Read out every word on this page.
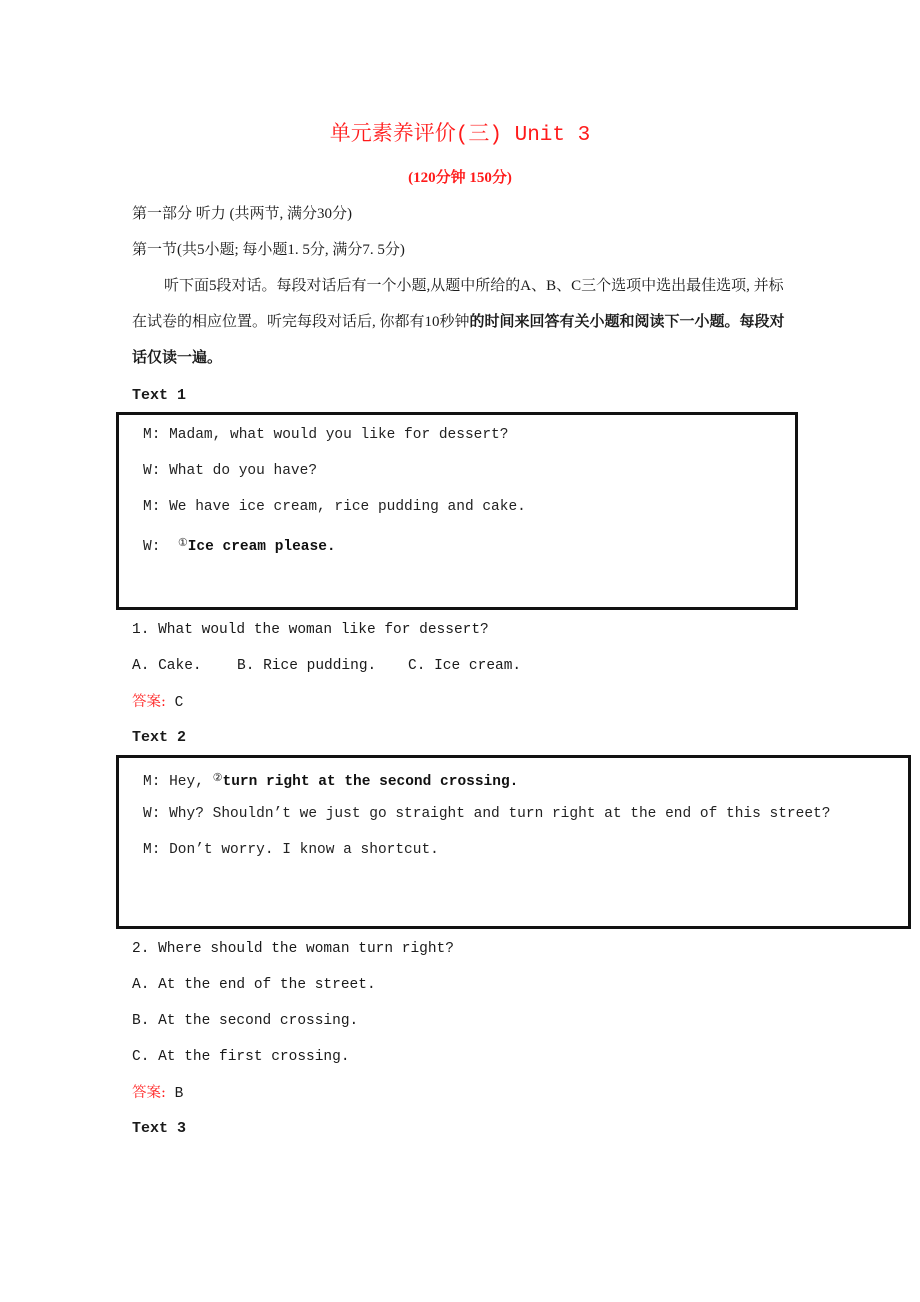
单元素养评价(三) Unit 3
(120分钟 150分)
第一部分 听力 (共两节, 满分30分)
第一节(共5小题; 每小题1. 5分, 满分7. 5分)
听下面5段对话。每段对话后有一个小题,从题中所给的A、B、C三个选项中选出最佳选项, 并标在试卷的相应位置。听完每段对话后, 你都有10秒钟的时间来回答有关小题和阅读下一小题。每段对话仅读一遍。
Text 1
M: Madam, what would you like for dessert?
W: What do you have?
M: We have ice cream, rice pudding and cake.
W: ①Ice cream please.
1. What would the woman like for dessert?
A. Cake. B. Rice pudding. C. Ice cream.
答案: C
Text 2
M: Hey, ②turn right at the second crossing.
W: Why? Shouldn’t we just go straight and turn right at the end of this street?
M: Don’t worry. I know a shortcut.
2. Where should the woman turn right?
A. At the end of the street.
B. At the second crossing.
C. At the first crossing.
答案: B
Text 3
